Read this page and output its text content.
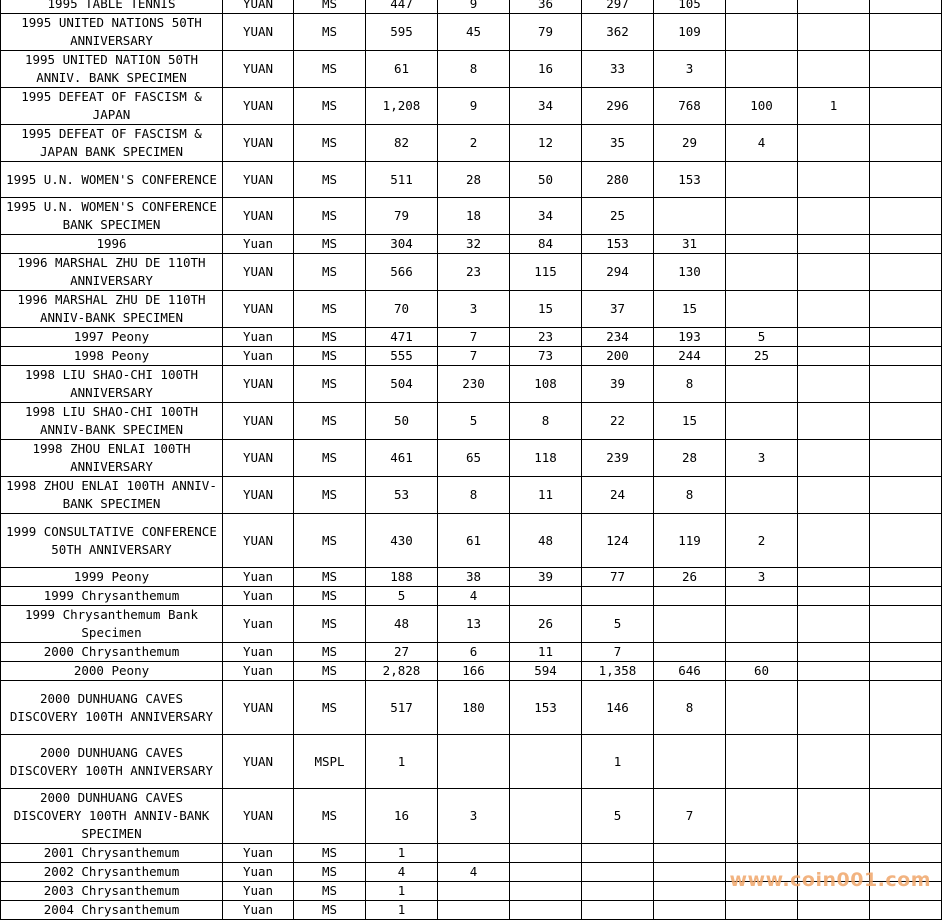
1995 TABLE TENNIS	YUAN	MS	447	9	36	297	105			
1995 UNITED NATIONS 50TH ANNIVERSARY	YUAN	MS	595	45	79	362	109			
1995 UNITED NATION 50TH ANNIV. BANK SPECIMEN	YUAN	MS	61	8	16	33	3			
1995 DEFEAT OF FASCISM & JAPAN	YUAN	MS	1,208	9	34	296	768	100	1	
1995 DEFEAT OF FASCISM & JAPAN BANK SPECIMEN	YUAN	MS	82	2	12	35	29	4		
1995 U.N. WOMEN'S CONFERENCE	YUAN	MS	511	28	50	280	153			
1995 U.N. WOMEN'S CONFERENCE BANK SPECIMEN	YUAN	MS	79	18	34	25				
1996	Yuan	MS	304	32	84	153	31			
1996 MARSHAL ZHU DE 110TH ANNIVERSARY	YUAN	MS	566	23	115	294	130			
1996 MARSHAL ZHU DE 110TH ANNIV-BANK SPECIMEN	YUAN	MS	70	3	15	37	15			
1997 Peony	Yuan	MS	471	7	23	234	193	5		
1998 Peony	Yuan	MS	555	7	73	200	244	25		
1998 LIU SHAO-CHI 100TH ANNIVERSARY	YUAN	MS	504	230	108	39	8			
1998 LIU SHAO-CHI 100TH ANNIV-BANK SPECIMEN	YUAN	MS	50	5	8	22	15			
1998 ZHOU ENLAI 100TH ANNIVERSARY	YUAN	MS	461	65	118	239	28	3		
1998 ZHOU ENLAI 100TH ANNIV-BANK SPECIMEN	YUAN	MS	53	8	11	24	8			
1999 CONSULTATIVE CONFERENCE 50TH ANNIVERSARY	YUAN	MS	430	61	48	124	119	2		
1999 Peony	Yuan	MS	188	38	39	77	26	3		
1999 Chrysanthemum	Yuan	MS	5	4						
1999 Chrysanthemum Bank Specimen	Yuan	MS	48	13	26	5				
2000 Chrysanthemum	Yuan	MS	27	6	11	7				
2000 Peony	Yuan	MS	2,828	166	594	1,358	646	60		
2000 DUNHUANG CAVES DISCOVERY 100TH ANNIVERSARY	YUAN	MS	517	180	153	146	8			
2000 DUNHUANG CAVES DISCOVERY 100TH ANNIVERSARY	YUAN	MSPL	1			1				
2000 DUNHUANG CAVES DISCOVERY 100TH ANNIV-BANK SPECIMEN	YUAN	MS	16	3		5	7			
2001 Chrysanthemum	Yuan	MS	1							
2002 Chrysanthemum	Yuan	MS	4	4						
2003 Chrysanthemum	Yuan	MS	1							
2004 Chrysanthemum	Yuan	MS	1							
www.coin001.com
